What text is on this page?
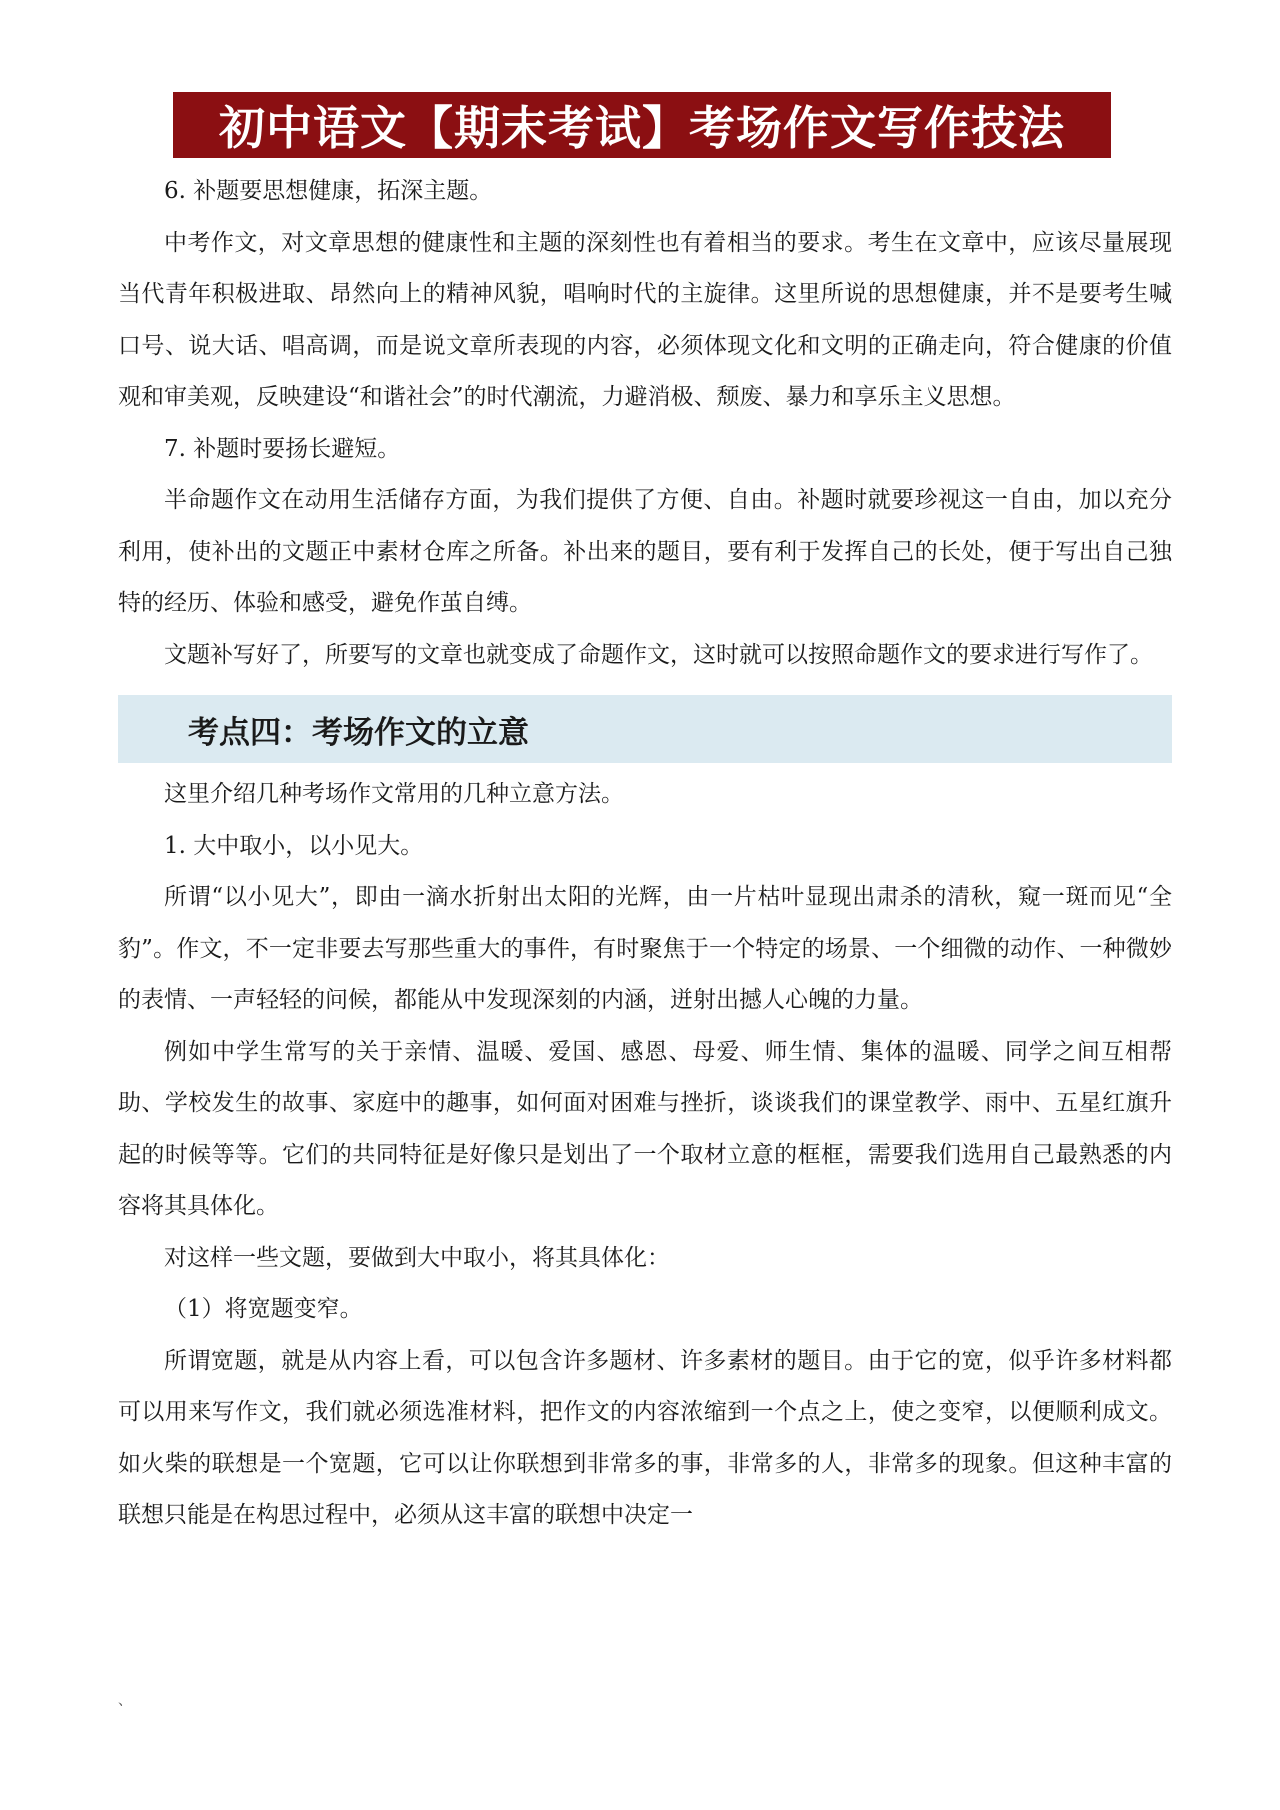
初中语文【期末考试】考场作文写作技法

6. 补题要思想健康，拓深主题。

中考作文，对文章思想的健康性和主题的深刻性也有着相当的要求。考生在文章中，应该尽量展现当代青年积极进取、昂然向上的精神风貌，唱响时代的主旋律。这里所说的思想健康，并不是要考生喊口号、说大话、唱高调，而是说文章所表现的内容，必须体现文化和文明的正确走向，符合健康的价值观和审美观，反映建设“和谐社会”的时代潮流，力避消极、颓废、暴力和享乐主义思想。

7. 补题时要扬长避短。

半命题作文在动用生活储存方面，为我们提供了方便、自由。补题时就要珍视这一自由，加以充分利用，使补出的文题正中素材仓库之所备。补出来的题目，要有利于发挥自己的长处，便于写出自己独特的经历、体验和感受，避免作茧自缚。

文题补写好了，所要写的文章也就变成了命题作文，这时就可以按照命题作文的要求进行写作了。

考点四：考场作文的立意

这里介绍几种考场作文常用的几种立意方法。

1. 大中取小，以小见大。

所谓“以小见大”，即由一滴水折射出太阳的光辉，由一片枯叶显现出肃杀的清秋，窥一斑而见“全豹”。作文，不一定非要去写那些重大的事件，有时聚焦于一个特定的场景、一个细微的动作、一种微妙的表情、一声轻轻的问候，都能从中发现深刻的内涵，迸射出撼人心魄的力量。

例如中学生常写的关于亲情、温暖、爱国、感恩、母爱、师生情、集体的温暖、同学之间互相帮助、学校发生的故事、家庭中的趣事，如何面对困难与挫折，谈谈我们的课堂教学、雨中、五星红旗升起的时候等等。它们的共同特征是好像只是划出了一个取材立意的框框，需要我们选用自己最熟悉的内容将其具体化。

对这样一些文题，要做到大中取小，将其具体化：

（1）将宽题变窄。

所谓宽题，就是从内容上看，可以包含许多题材、许多素材的题目。由于它的宽，似乎许多材料都可以用来写作文，我们就必须选准材料，把作文的内容浓缩到一个点之上，使之变窄，以便顺利成文。如火柴的联想是一个宽题，它可以让你联想到非常多的事，非常多的人，非常多的现象。但这种丰富的联想只能是在构思过程中，必须从这丰富的联想中决定一

、
